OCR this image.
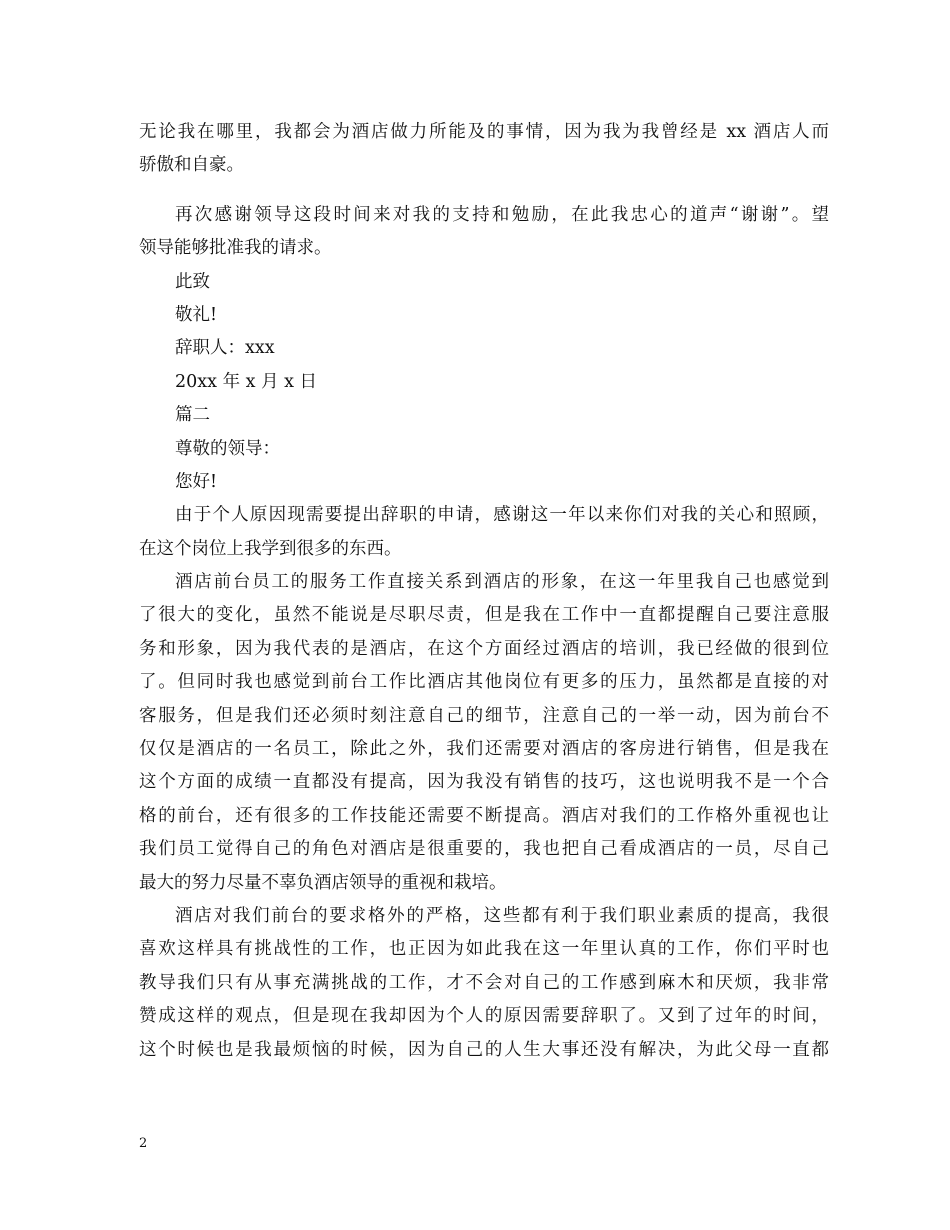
无论我在哪里，我都会为酒店做力所能及的事情，因为我为我曾经是 xx 酒店人而
骄傲和自豪。

再次感谢领导这段时间来对我的支持和勉励，在此我忠心的道声“谢谢”。望
领导能够批准我的请求。
此致
敬礼!
辞职人：xxx
20xx 年 x 月 x 日
篇二
尊敬的领导：
您好!
由于个人原因现需要提出辞职的申请，感谢这一年以来你们对我的关心和照顾，
在这个岗位上我学到很多的东西。
酒店前台员工的服务工作直接关系到酒店的形象，在这一年里我自己也感觉到
了很大的变化，虽然不能说是尽职尽责，但是我在工作中一直都提醒自己要注意服
务和形象，因为我代表的是酒店，在这个方面经过酒店的培训，我已经做的很到位
了。但同时我也感觉到前台工作比酒店其他岗位有更多的压力，虽然都是直接的对
客服务，但是我们还必须时刻注意自己的细节，注意自己的一举一动，因为前台不
仅仅是酒店的一名员工，除此之外，我们还需要对酒店的客房进行销售，但是我在
这个方面的成绩一直都没有提高，因为我没有销售的技巧，这也说明我不是一个合
格的前台，还有很多的工作技能还需要不断提高。酒店对我们的工作格外重视也让
我们员工觉得自己的角色对酒店是很重要的，我也把自己看成酒店的一员，尽自己
最大的努力尽量不辜负酒店领导的重视和栽培。
酒店对我们前台的要求格外的严格，这些都有利于我们职业素质的提高，我很
喜欢这样具有挑战性的工作，也正因为如此我在这一年里认真的工作，你们平时也
教导我们只有从事充满挑战的工作，才不会对自己的工作感到麻木和厌烦，我非常
赞成这样的观点，但是现在我却因为个人的原因需要辞职了。又到了过年的时间，
这个时候也是我最烦恼的时候，因为自己的人生大事还没有解决，为此父母一直都
2
